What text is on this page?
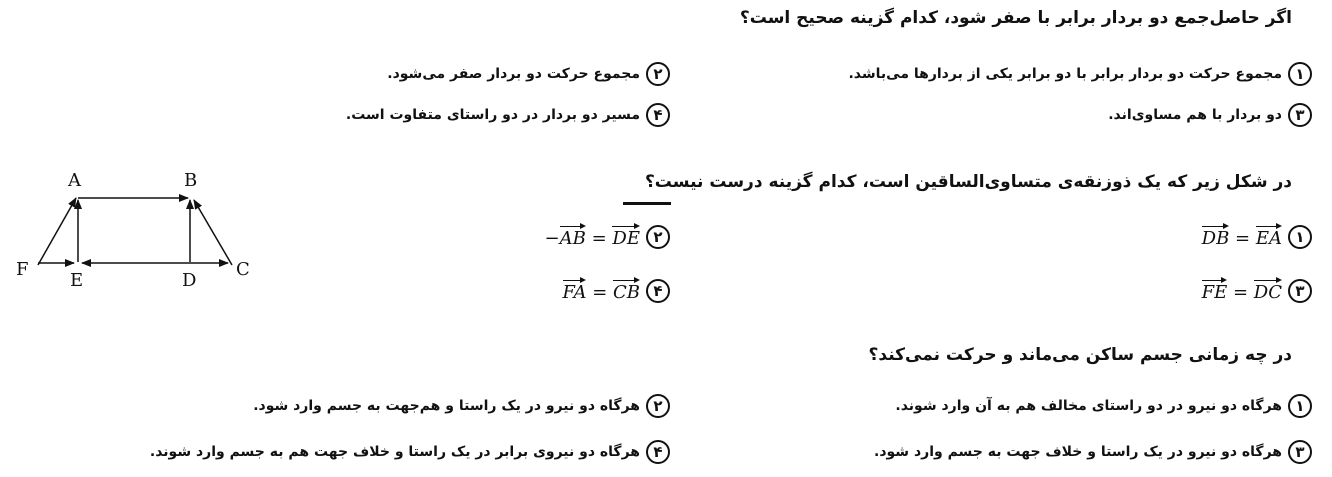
اگر حاصل‌جمع دو بردار برابر با صفر شود، کدام گزینه صحیح است؟
۱
مجموع حرکت دو بردار برابر با دو برابر یکی از بردارها می‌باشد.
۲
مجموع حرکت دو بردار صفر می‌شود.
۳
دو بردار با هم مساوی‌اند.
۴
مسیر دو بردار در دو راستای متفاوت است.
در شکل زیر که یک ذوزنقه‌ی متساوی‌الساقین است، کدام گزینه درست نیست؟
۱
DB = EA
۲
−AB = DE
۳
FE = DC
۴
FA = CB
A	B
F
E	D
C
در چه زمانی جسم ساکن می‌ماند و حرکت نمی‌کند؟
۱
هرگاه دو نیرو در دو راستای مخالف هم به آن وارد شوند.
۲
هرگاه دو نیرو در یک راستا و هم‌جهت به جسم وارد شود.
۳
هرگاه دو نیرو در یک راستا و خلاف جهت به جسم وارد شود.
۴
هرگاه دو نیروی برابر در یک راستا و خلاف جهت هم به جسم وارد شوند.
